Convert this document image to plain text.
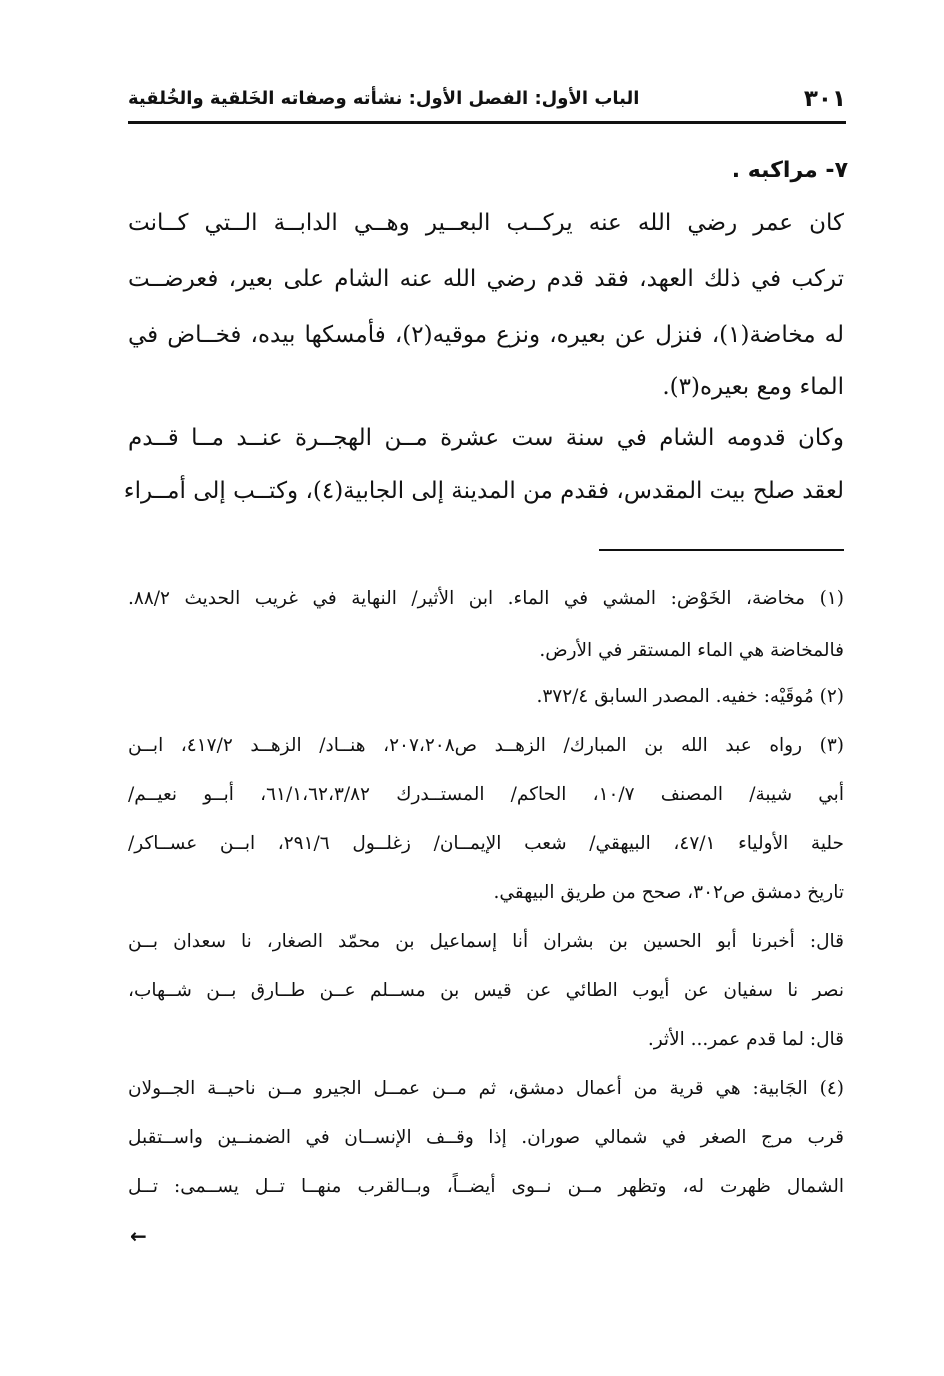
٣٠١
الباب الأول: الفصل الأول: نشأته وصفاته الخَلقية والخُلقية
٧- مراكبه .
كان عمر رضي الله عنه يركــب البعــير وهــي الدابــة الــتي كــانت
تركب في ذلك العهد، فقد قدم رضي الله عنه الشام على بعير، فعرضــت
له مخاضة(١)، فنزل عن بعيره، ونزع موقيه(٢)، فأمسكها بيده، فخــاض في
الماء ومع بعيره(٣).
وكان قدومه الشام في سنة ست عشرة مــن الهجــرة عنــد مــا قــدم
لعقد صلح بيت المقدس، فقدم من المدينة إلى الجابية(٤)، وكتــب إلى أمــراء
(١) مخاضة، الخَوْض: المشي في الماء. ابن الأثير/ النهاية في غريب الحديث ٨٨/٢.
فالمخاضة هي الماء المستقر في الأرض.
(٢) مُوقَيْه: خفيه. المصدر السابق ٣٧٢/٤.
(٣) رواه عبد الله بن المبارك/ الزهــد ص٢٠٧،٢٠٨، هنــاد/ الزهــد ٤١٧/٢، ابــن
أبي شيبة/ المصنف ١٠/٧، الحاكم/ المستــدرك ٦١/١،٦٢،٣/٨٢، أبــو نعيــم/
حلية الأولياء ٤٧/١، البيهقي/ شعب الإيمــان/ زغلــول ٢٩١/٦، ابــن عســاكر/
تاريخ دمشق ص٣٠٢، صحح من طريق البيهقي.
قال: أخبرنا أبو الحسين بن بشران أنا إسماعيل بن محمّد الصغار، نا سعدان بــن
نصر نا سفيان عن أيوب الطائي عن قيس بن مســلم عــن طــارق بــن شــهاب،
قال: لما قدم عمر... الأثر.
(٤) الجَابية: هي قرية من أعمال دمشق، ثم مــن عمــل الجيرو مــن ناحيــة الجــولان
قرب مرج الصغر في شمالي صوران. إذا وقــف الإنســان في الضمنــين واســتقبل
الشمال ظهرت له، وتظهر مــن نــوى أيضــاً، وبــالقرب منهــا تــل يســمى: تــل
←
